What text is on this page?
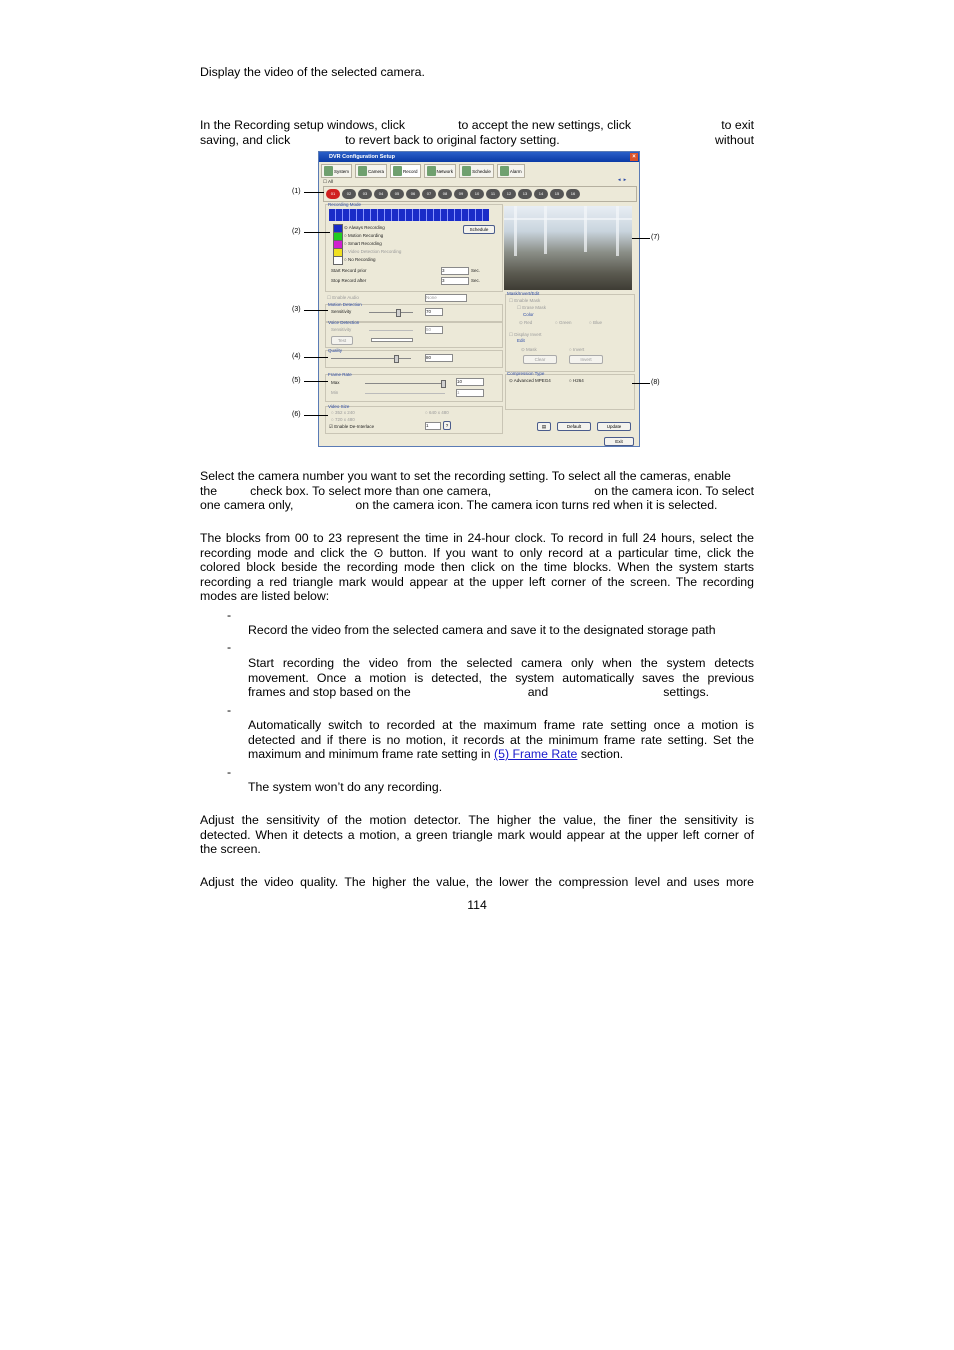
Display the video of the selected camera.

In the Recording setup windows, click	to accept the new settings, click	to exit without
saving, and click	to revert back to original factory setting.
DVR Configuration Setup	×
System	Camera	Record	Network	Schedule	Alarm
☐ All	◄ ►
01	02	03	04	05	06	07	08	09	10	11	12	13	14	15	16
Recording Mode
⊙ Always Recording
○ Motion Recording
○ Smart Recording
○ Video Detection Recording
○ No Recording
Schedule
Start Record prior
Stop Record after
3
3
Sec.
Sec.
☐ Enable Audio	None
Motion Detection
Sensitivity	70
Voice Detection
Sensitivity	50
Test
Quality
80
Frame Rate
Max
Min
10
1
Video Size
○ 352 x 240	○ 640 x 480
○ 720 x 480
☑ Enable De-Interlace	1	?
Mask/Invert/Edit
☐ Enable Mask
☐ Erase Mask
Color
⊙ Red	○ Green	○ Blue
☐ Display Invert
Edit
⊙ Mask	○ Invert
Clear	Invert
Compression Type
⊙ Advanced MPEG4	○ H264
▤	Default	Update
Exit
(1)
(2)
(3)
(4)
(5)
(6)
(7)
(8)
Select the camera number you want to set the recording setting. To select all the cameras, enable
the	check box. To select more than one camera,	on the camera icon. To select
one camera only,	on the camera icon. The camera icon turns red when it is selected.
The blocks from 00 to 23 represent the time in 24-hour clock. To record in full 24 hours, select the
recording mode and click the ⊙ button. If you want to only record at a particular time, click the
colored block beside the recording mode then click on the time blocks. When the system starts
recording a red triangle mark would appear at the upper left corner of the screen. The recording
modes are listed below:
-

Record the video from the selected camera and save it to the designated storage path

-
Start recording the video from the selected camera only when the system detects
movement. Once a motion is detected, the system automatically saves the previous
frames and stop based on the	and	settings.
-
Automatically switch to recorded at the maximum frame rate setting once a motion is
detected and if there is no motion, it records at the minimum frame rate setting. Set the
maximum and minimum frame rate setting in (5) Frame Rate section.
-

The system won’t do any recording.

Adjust the sensitivity of the motion detector. The higher the value, the finer the sensitivity is
detected. When it detects a motion, a green triangle mark would appear at the upper left corner of
the screen.
Adjust the video quality. The higher the value, the lower the compression level and uses more
114
